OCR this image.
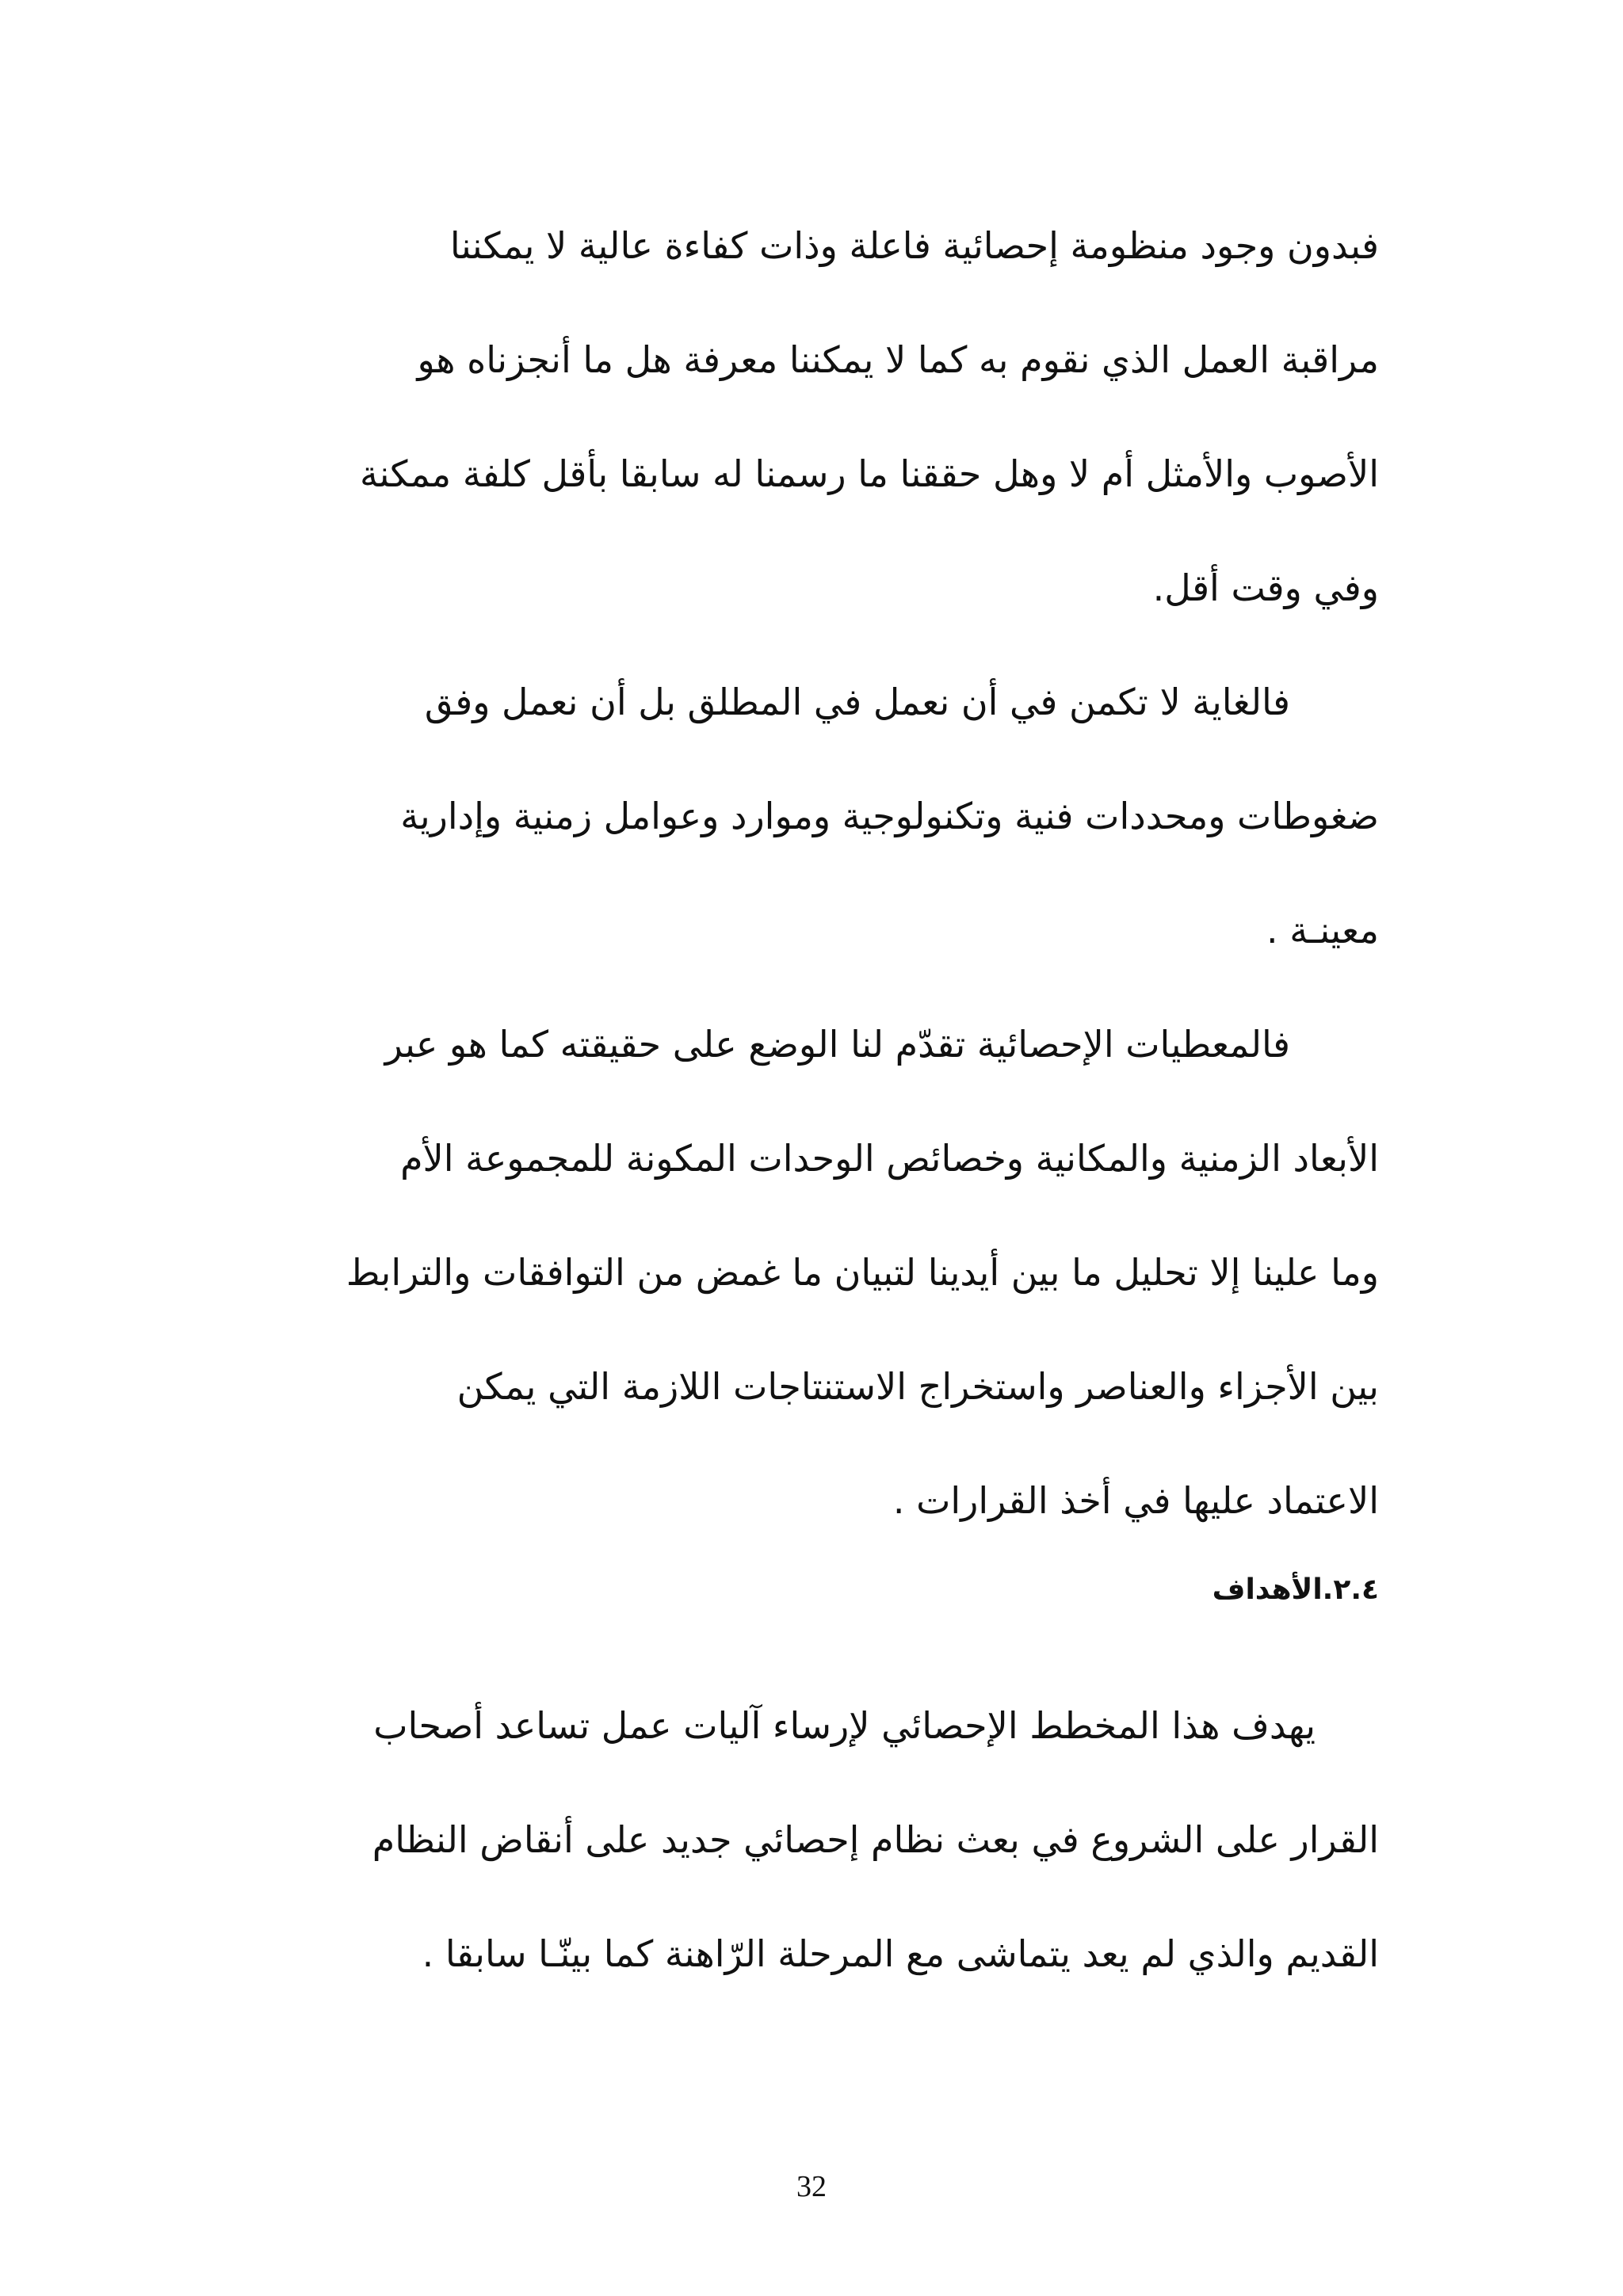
فبدون وجود منظومة إحصائية فاعلة وذات كفاءة عالية لا يمكننا
مراقبة العمل الذي نقوم به كما لا يمكننا معرفة هل ما أنجزناه هو
الأصوب والأمثل أم لا وهل حققنا ما رسمنا له سابقا بأقل كلفة ممكنة
وفي وقت أقل.
فالغاية لا تكمن في أن نعمل في المطلق بل أن نعمل وفق
ضغوطات ومحددات فنية وتكنولوجية وموارد وعوامل زمنية وإدارية
معينـة .
فالمعطيات الإحصائية تقدّم لنا الوضع على حقيقته كما هو عبر
الأبعاد الزمنية والمكانية وخصائص الوحدات المكونة للمجموعة الأم
وما علينا إلا تحليل ما بين أيدينا لتبيان ما غمض من التوافقات والترابط
بين الأجزاء والعناصر واستخراج الاستنتاجات اللازمة التي يمكن
الاعتماد عليها في أخذ القرارات .
٢.٤.الأهداف
يهدف هذا المخطط الإحصائي لإرساء آليات عمل تساعد أصحاب
القرار على الشروع في بعث نظام إحصائي جديد على أنقاض النظام
القديم والذي لم يعد يتماشى مع المرحلة الرّاهنة كما بينّـا سابقا .
32
